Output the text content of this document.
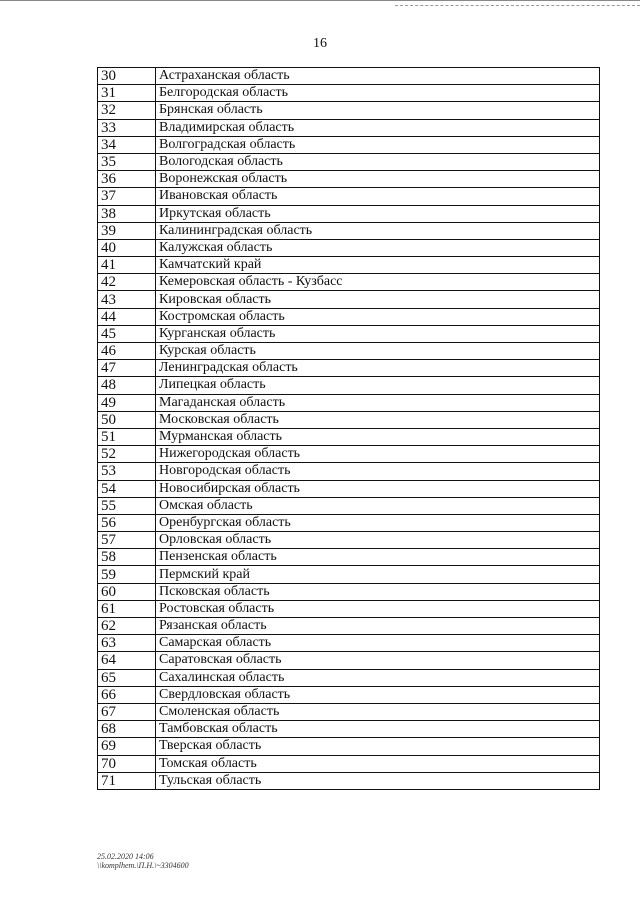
16
30	Астраханская область
31	Белгородская область
32	Брянская область
33	Владимирская область
34	Волгоградская область
35	Вологодская область
36	Воронежская область
37	Ивановская область
38	Иркутская область
39	Калининградская область
40	Калужская область
41	Камчатский край
42	Кемеровская область - Кузбасс
43	Кировская область
44	Костромская область
45	Курганская область
46	Курская область
47	Ленинградская область
48	Липецкая область
49	Магаданская область
50	Московская область
51	Мурманская область
52	Нижегородская область
53	Новгородская область
54	Новосибирская область
55	Омская область
56	Оренбургская область
57	Орловская область
58	Пензенская область
59	Пермский край
60	Псковская область
61	Ростовская область
62	Рязанская область
63	Самарская область
64	Саратовская область
65	Сахалинская область
66	Свердловская область
67	Смоленская область
68	Тамбовская область
69	Тверская область
70	Томская область
71	Тульская область
25.02.2020 14:06
\\komplhem.\П.Н.\~3304600
